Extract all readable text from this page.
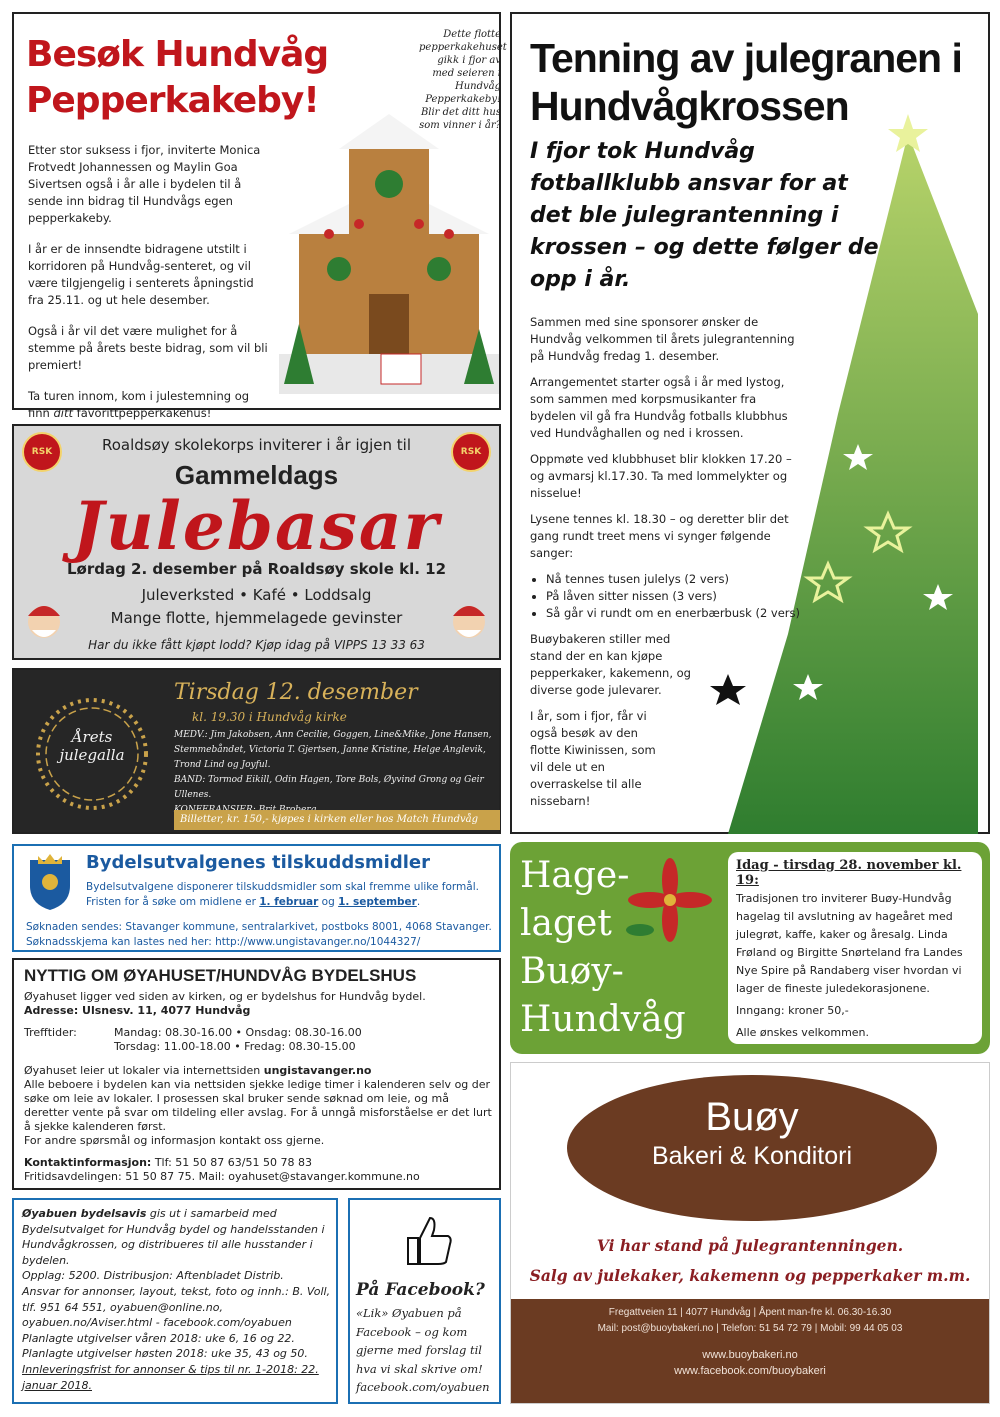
Besøk Hundvåg Pepperkakeby!
Dette flotte pepperkakehuset gikk i fjor av med seieren i Hundvåg Pepperkakeby! Blir det ditt hus som vinner i år?

Etter stor suksess i fjor, inviterte Monica Frotvedt Johannessen og Maylin Goa Sivertsen også i år alle i bydelen til å sende inn bidrag til Hundvågs egen pepperkakeby.

I år er de innsendte bidragene utstilt i korridoren på Hundvåg-senteret, og vil være tilgjengelig i senterets åpningstid fra 25.11. og ut hele desember.

Også i år vil det være mulighet for å stemme på årets beste bidrag, som vil bli premiert!

Ta turen innom, kom i julestemning og finn ditt favorittpepperkakehus!

Tenning av julegranen i Hundvågkrossen
I fjor tok Hundvåg fotballklubb ansvar for at det ble julegrantenning i krossen – og dette følger de opp i år.

Sammen med sine sponsorer ønsker de Hundvåg velkommen til årets julegrantenning på Hundvåg fredag 1. desember.

Arrangementet starter også i år med lystog, som sammen med korpsmusikanter fra bydelen vil gå fra Hundvåg fotballs klubbhus ved Hundvåghallen og ned i krossen.

Oppmøte ved klubbhuset blir klokken 17.20 – og avmarsj kl.17.30. Ta med lommelykter og nisselue!

Lysene tennes kl. 18.30 – og deretter blir det gang rundt treet mens vi synger følgende sanger:

• Nå tennes tusen julelys (2 vers)
• På låven sitter nissen (3 vers)
• Så går vi rundt om en enerbærbusk (2 vers)

Buøybakeren stiller med stand der en kan kjøpe pepperkaker, kakemenn, og diverse gode julevarer.

I år, som i fjor, får vi også besøk av den flotte Kiwinissen, som vil dele ut en overraskelse til alle nissebarn!

RSK	RSK
Roaldsøy skolekorps inviterer i år igjen til
Gammeldags
Julebasar
Lørdag 2. desember på Roaldsøy skole kl. 12
Juleverksted • Kafé • Loddsalg
Mange flotte, hjemmelagede gevinster
Har du ikke fått kjøpt lodd? Kjøp idag på VIPPS 13 33 63
Årets julegalla
Tirsdag 12. desember
kl. 19.30 i Hundvåg kirke
MEDV.: Jim Jakobsen, Ann Cecilie, Goggen, Line&Mike, Jone Hansen, Stemmebåndet, Victoria T. Gjertsen, Janne Kristine, Helge Anglevik, Trond Lind og Joyful.
BAND: Tormod Eikill, Odin Hagen, Tore Bols, Øyvind Grong og Geir Ullenes.
Billetter, kr. 150,- kjøpes i kirken eller hos Match Hundvåg
Bydelsutvalgenes tilskuddsmidler
Bydelsutvalgene disponerer tilskuddsmidler som skal fremme ulike formål. Fristen for å søke om midlene er 1. februar og 1. september.
Søknaden sendes: Stavanger kommune, sentralarkivet, postboks 8001, 4068 Stavanger.
Søknadsskjema kan lastes ned her: http://www.ungistavanger.no/1044327/
NYTTIG OM ØYAHUSET/HUNDVÅG BYDELSHUS
Øyahuset ligger ved siden av kirken, og er bydelshus for Hundvåg bydel.
Adresse: Ulsnesv. 11, 4077 Hundvåg
Trefftider:	Mandag: 08.30-16.00 • Onsdag: 08.30-16.00
Torsdag: 11.00-18.00 • Fredag: 08.30-15.00
Øyahuset leier ut lokaler via internettsiden ungistavanger.no
Alle beboere i bydelen kan via nettsiden sjekke ledige timer i kalenderen selv og der søke om leie av lokaler. I prosessen skal bruker sende søknad om leie, og må deretter vente på svar om tildeling eller avslag. For å unngå misforståelse er det lurt å sjekke kalenderen først.
For andre spørsmål og informasjon kontakt oss gjerne.
Kontaktinformasjon: Tlf: 51 50 87 63/51 50 78 83
Fritidsavdelingen: 51 50 87 75. Mail: oyahuset@stavanger.kommune.no
Øyabuen bydelsavis gis ut i samarbeid med Bydelsutvalget for Hundvåg bydel og handelsstanden i Hundvågkrossen, og distribueres til alle husstander i bydelen.
Opplag: 5200. Distribusjon: Aftenbladet Distrib.
Ansvar for annonser, layout, tekst, foto og innh.: B. Voll, tlf. 951 64 551, oyabuen@online.no, oyabuen.no/Aviser.html - facebook.com/oyabuen
Planlagte utgivelser våren 2018: uke 6, 16 og 22.
Planlagte utgivelser høsten 2018: uke 35, 43 og 50.
Innleveringsfrist for annonser & tips til nr. 1-2018: 22. januar 2018.
På Facebook?
«Lik» Øyabuen på Facebook – og kom gjerne med forslag til hva vi skal skrive om! facebook.com/oyabuen
Hage-laget Buøy-Hundvåg
Idag - tirsdag 28. november kl. 19:

Tradisjonen tro inviterer Buøy-Hundvåg hagelag til avslutning av hageåret med julegrøt, kaffe, kaker og åresalg. Linda Frøland og Birgitte Snørteland fra Landes Nye Spire på Randaberg viser hvordan vi lager de fineste juledekorasjonene.

Inngang: kroner 50,-

Alle ønskes velkommen.

Buøy
Bakeri & Konditori
Vi har stand på Julegrantenningen.
Salg av julekaker, kakemenn og pepperkaker m.m.
Fregattveien 11 | 4077 Hundvåg | Åpent man-fre kl. 06.30-16.30
Mail: post@buoybakeri.no | Telefon: 51 54 72 79 | Mobil: 99 44 05 03
www.buoybakeri.no
www.facebook.com/buoybakeri
